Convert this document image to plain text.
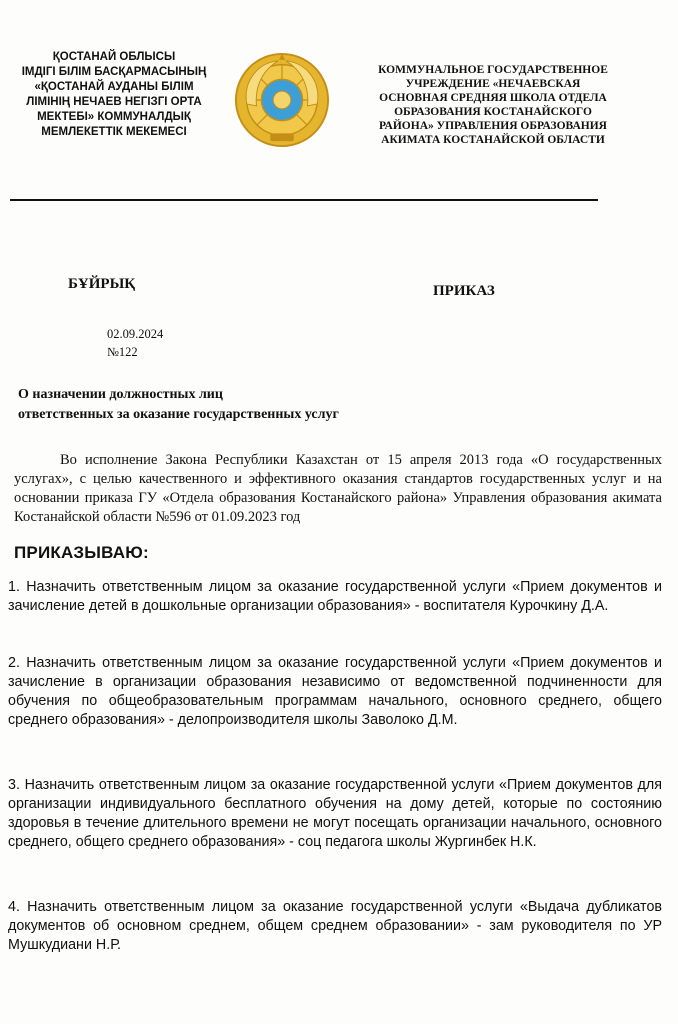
ҚОСТАНАЙ ОБЛЫСЫ
ІМДІГІ БІЛІМ БАСҚАРМАСЫНЫҢ
«ҚОСТАНАЙ АУДАНЫ БІЛІМ
ЛІМІНІҢ НЕЧАЕВ НЕГІЗГІ ОРТА
МЕКТЕБІ» КОММУНАЛДЫҚ
МЕМЛЕКЕТТІК МЕКЕМЕСІ
КОММУНАЛЬНОЕ ГОСУДАРСТВЕННОЕ
УЧРЕЖДЕНИЕ «НЕЧАЕВСКАЯ
ОСНОВНАЯ СРЕДНЯЯ ШКОЛА ОТДЕЛА
ОБРАЗОВАНИЯ КОСТАНАЙСКОГО
РАЙОНА» УПРАВЛЕНИЯ ОБРАЗОВАНИЯ
АКИМАТА КОСТАНАЙСКОЙ ОБЛАСТИ
БҰЙРЫҚ	ПРИКАЗ
02.09.2024
№122
О назначении должностных лиц
ответственных за оказание государственных услуг
Во исполнение Закона Республики Казахстан от 15 апреля 2013 года «О государственных услугах», с целью качественного и эффективного оказания стандартов государственных услуг и на основании приказа ГУ «Отдела образования Костанайского района» Управления образования акимата Костанайской области №596 от 01.09.2023 год
ПРИКАЗЫВАЮ:
1. Назначить ответственным лицом за оказание государственной услуги «Прием документов и зачисление детей в дошкольные организации образования» - воспитателя Курочкину Д.А.
2. Назначить ответственным лицом за оказание государственной услуги «Прием документов и зачисление в организации образования независимо от ведомственной подчиненности для обучения по общеобразовательным программам начального, основного среднего, общего среднего образования» - делопроизводителя школы Заволоко Д.М.
3. Назначить ответственным лицом за оказание государственной услуги «Прием документов для организации индивидуального бесплатного обучения на дому детей, которые по состоянию здоровья в течение длительного времени не могут посещать организации начального, основного среднего, общего среднего образования» - соц педагога школы Жургинбек Н.К.
4. Назначить ответственным лицом за оказание государственной услуги «Выдача дубликатов документов об основном среднем, общем среднем образовании» - зам руководителя по УР Мушкудиани Н.Р.
